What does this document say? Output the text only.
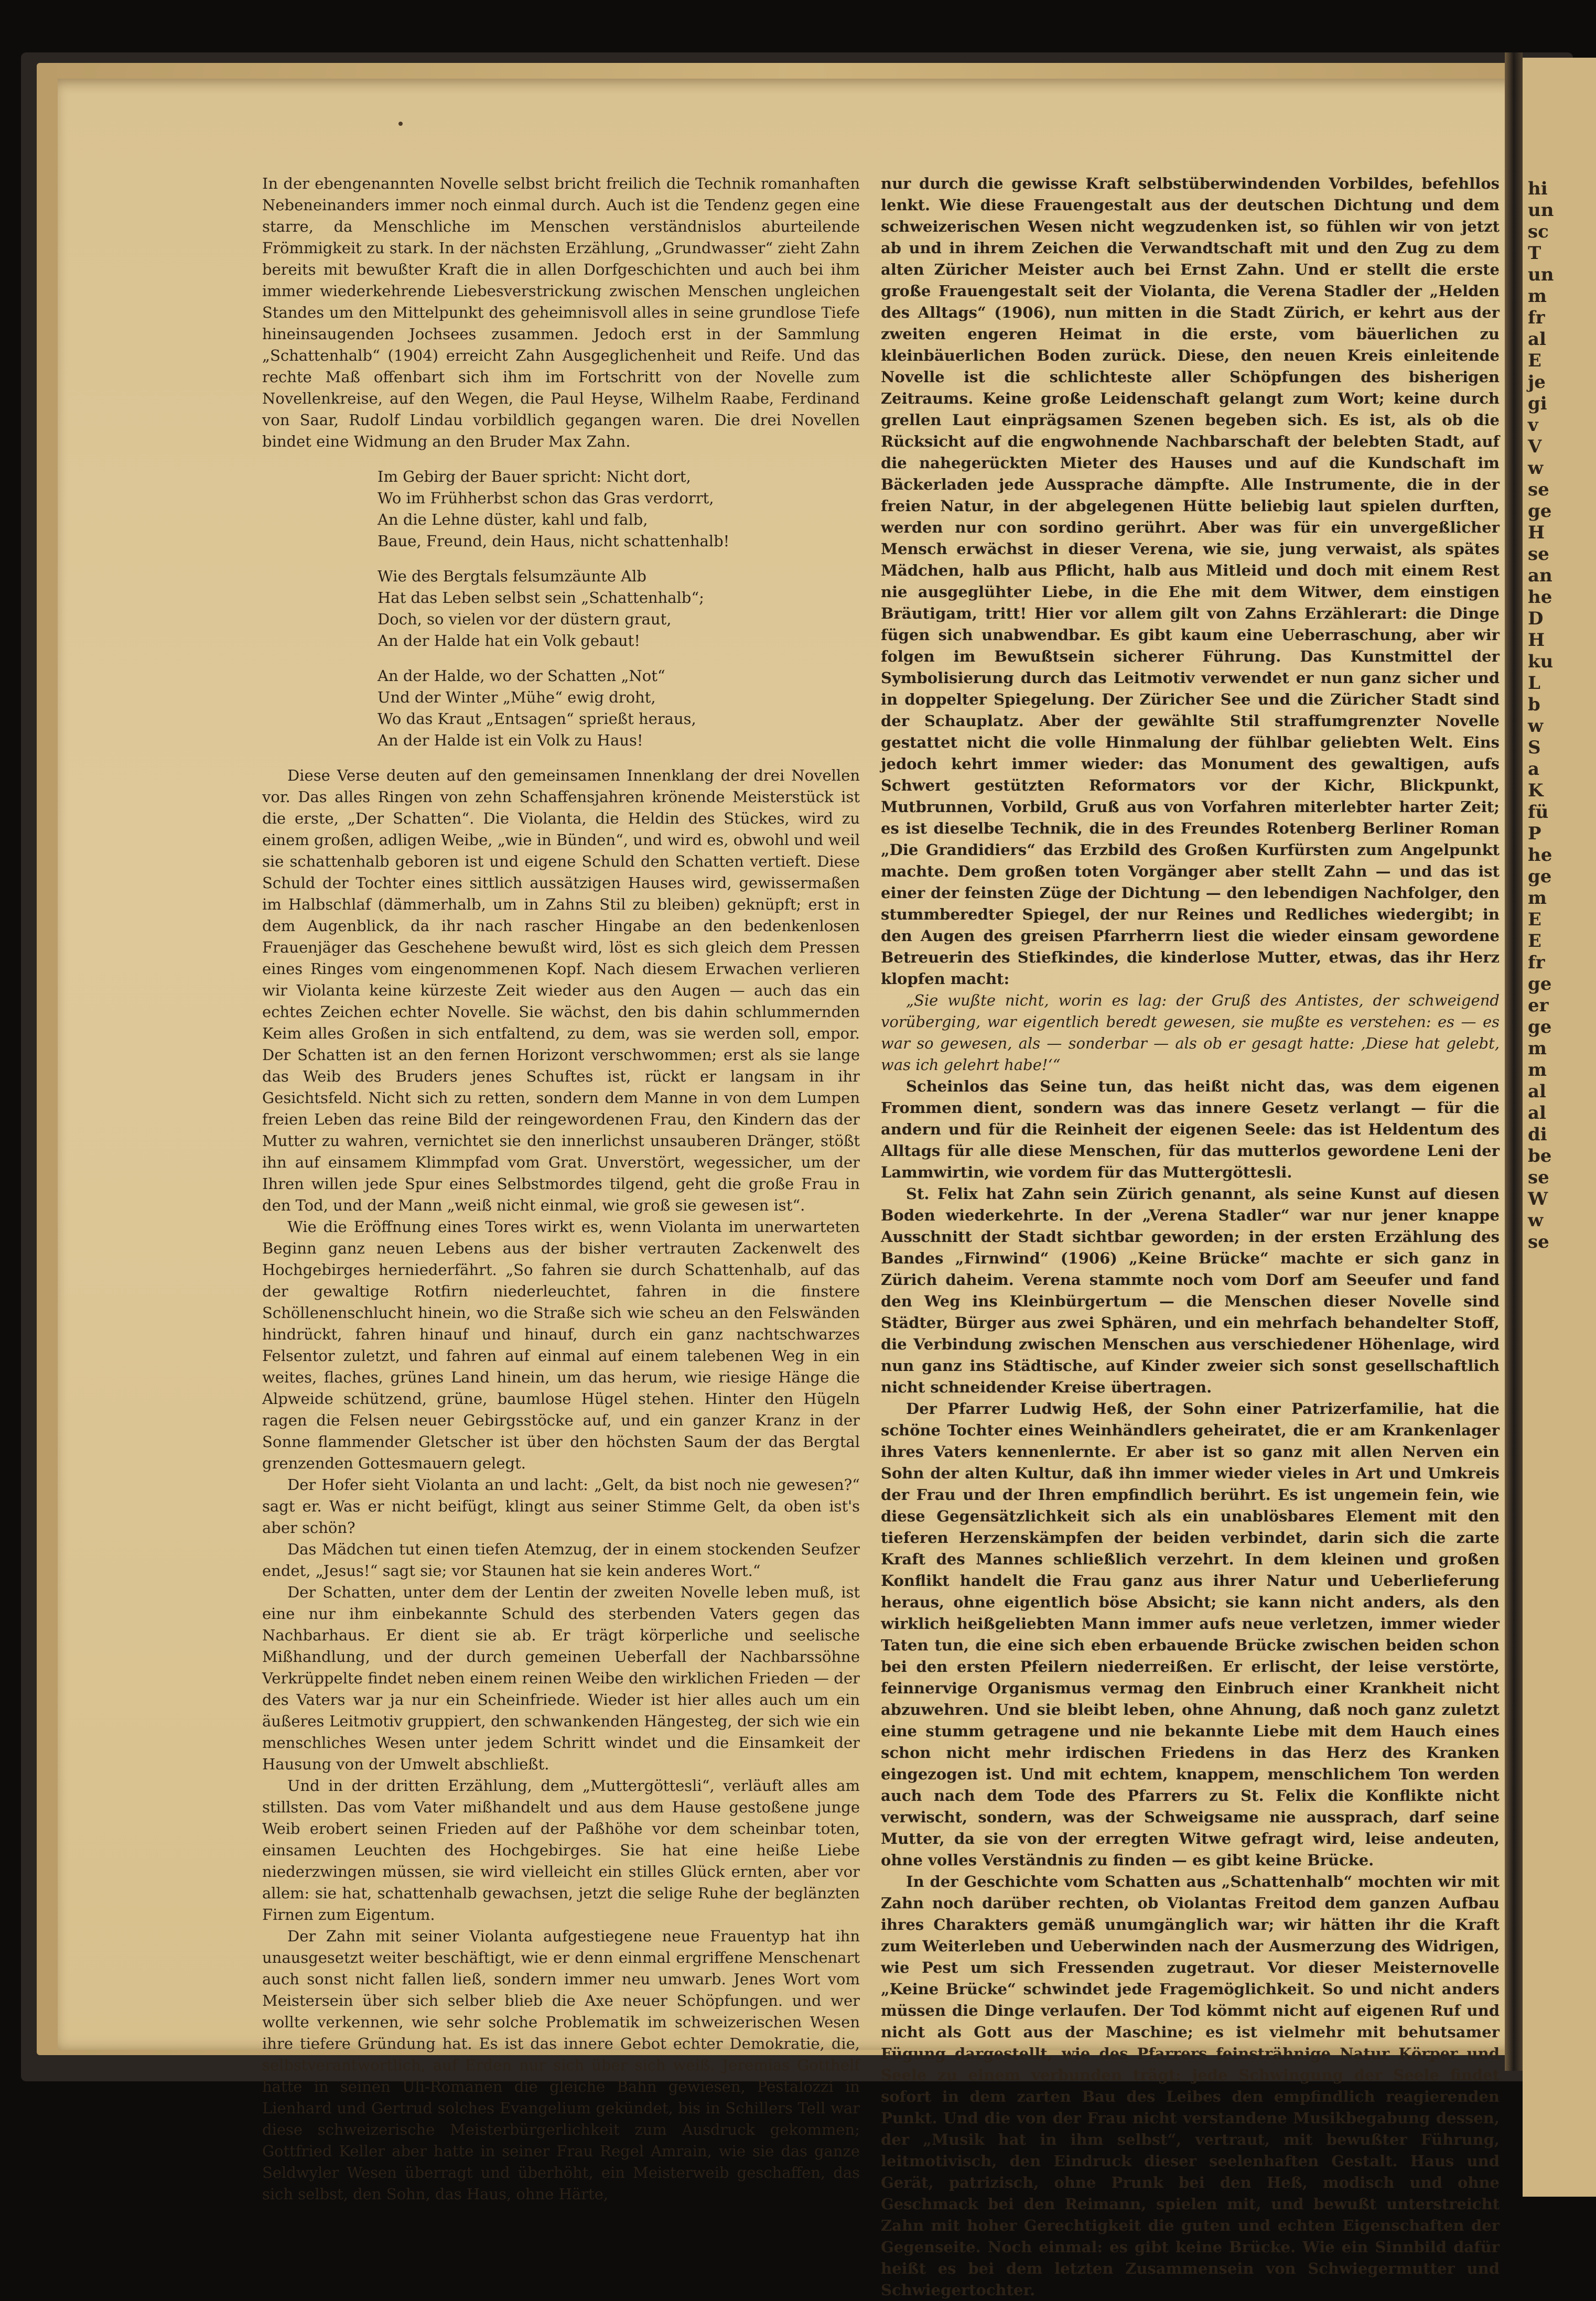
In der ebengenannten Novelle selbst bricht freilich die Technik romanhaften Nebeneinanders immer noch einmal durch. Auch ist die Tendenz gegen eine starre, da Menschliche im Menschen verständnislos aburteilende Frömmigkeit zu stark. In der nächsten Erzählung, „Grundwasser“ zieht Zahn bereits mit bewußter Kraft die in allen Dorfgeschichten und auch bei ihm immer wiederkehrende Liebesverstrickung zwischen Menschen ungleichen Standes um den Mittelpunkt des geheimnisvoll alles in seine grundlose Tiefe hineinsaugenden Jochsees zusammen. Jedoch erst in der Sammlung „Schattenhalb“ (1904) erreicht Zahn Ausgeglichenheit und Reife. Und das rechte Maß offenbart sich ihm im Fortschritt von der Novelle zum Novellenkreise, auf den Wegen, die Paul Heyse, Wilhelm Raabe, Ferdinand von Saar, Rudolf Lindau vorbildlich gegangen waren. Die drei Novellen bindet eine Widmung an den Bruder Max Zahn.

Im Gebirg der Bauer spricht: Nicht dort,
Wo im Frühherbst schon das Gras verdorrt,
An die Lehne düster, kahl und falb,
Baue, Freund, dein Haus, nicht schattenhalb!
Wie des Bergtals felsumzäunte Alb
Hat das Leben selbst sein „Schattenhalb“;
Doch, so vielen vor der düstern graut,
An der Halde hat ein Volk gebaut!
An der Halde, wo der Schatten „Not“
Und der Winter „Mühe“ ewig droht,
Wo das Kraut „Entsagen“ sprießt heraus,
An der Halde ist ein Volk zu Haus!

Diese Verse deuten auf den gemeinsamen Innenklang der drei Novellen vor. Das alles Ringen von zehn Schaffensjahren krönende Meisterstück ist die erste, „Der Schatten“. Die Violanta, die Heldin des Stückes, wird zu einem großen, adligen Weibe, „wie in Bünden“, und wird es, obwohl und weil sie schattenhalb geboren ist und eigene Schuld den Schatten vertieft. Diese Schuld der Tochter eines sittlich aussätzigen Hauses wird, gewissermaßen im Halbschlaf (dämmerhalb, um in Zahns Stil zu bleiben) geknüpft; erst in dem Augenblick, da ihr nach rascher Hingabe an den bedenkenlosen Frauenjäger das Geschehene bewußt wird, löst es sich gleich dem Pressen eines Ringes vom eingenommenen Kopf. Nach diesem Erwachen verlieren wir Violanta keine kürzeste Zeit wieder aus den Augen — auch das ein echtes Zeichen echter Novelle. Sie wächst, den bis dahin schlummernden Keim alles Großen in sich entfaltend, zu dem, was sie werden soll, empor. Der Schatten ist an den fernen Horizont verschwommen; erst als sie lange das Weib des Bruders jenes Schuftes ist, rückt er langsam in ihr Gesichtsfeld. Nicht sich zu retten, sondern dem Manne in von dem Lumpen freien Leben das reine Bild der reingewordenen Frau, den Kindern das der Mutter zu wahren, vernichtet sie den innerlichst unsauberen Dränger, stößt ihn auf einsamem Klimmpfad vom Grat. Unverstört, wegessicher, um der Ihren willen jede Spur eines Selbstmordes tilgend, geht die große Frau in den Tod, und der Mann „weiß nicht einmal, wie groß sie gewesen ist“.

Wie die Eröffnung eines Tores wirkt es, wenn Violanta im unerwarteten Beginn ganz neuen Lebens aus der bisher vertrauten Zackenwelt des Hochgebirges herniederfährt. „So fahren sie durch Schattenhalb, auf das der gewaltige Rotfirn niederleuchtet, fahren in die finstere Schöllenenschlucht hinein, wo die Straße sich wie scheu an den Felswänden hindrückt, fahren hinauf und hinauf, durch ein ganz nachtschwarzes Felsentor zuletzt, und fahren auf einmal auf einem talebenen Weg in ein weites, flaches, grünes Land hinein, um das herum, wie riesige Hänge die Alpweide schützend, grüne, baumlose Hügel stehen. Hinter den Hügeln ragen die Felsen neuer Gebirgsstöcke auf, und ein ganzer Kranz in der Sonne flammender Gletscher ist über den höchsten Saum der das Bergtal grenzenden Gottesmauern gelegt.

Der Hofer sieht Violanta an und lacht: „Gelt, da bist noch nie gewesen?“ sagt er. Was er nicht beifügt, klingt aus seiner Stimme Gelt, da oben ist's aber schön?

Das Mädchen tut einen tiefen Atemzug, der in einem stockenden Seufzer endet, „Jesus!“ sagt sie; vor Staunen hat sie kein anderes Wort.“

Der Schatten, unter dem der Lentin der zweiten Novelle leben muß, ist eine nur ihm einbekannte Schuld des sterbenden Vaters gegen das Nachbarhaus. Er dient sie ab. Er trägt körperliche und seelische Mißhandlung, und der durch gemeinen Ueberfall der Nachbarssöhne Verkrüppelte findet neben einem reinen Weibe den wirklichen Frieden — der des Vaters war ja nur ein Scheinfriede. Wieder ist hier alles auch um ein äußeres Leitmotiv gruppiert, den schwankenden Hängesteg, der sich wie ein menschliches Wesen unter jedem Schritt windet und die Einsamkeit der Hausung von der Umwelt abschließt.

Und in der dritten Erzählung, dem „Muttergöttesli“, verläuft alles am stillsten. Das vom Vater mißhandelt und aus dem Hause gestoßene junge Weib erobert seinen Frieden auf der Paßhöhe vor dem scheinbar toten, einsamen Leuchten des Hochgebirges. Sie hat eine heiße Liebe niederzwingen müssen, sie wird vielleicht ein stilles Glück ernten, aber vor allem: sie hat, schattenhalb gewachsen, jetzt die selige Ruhe der beglänzten Firnen zum Eigentum.

Der Zahn mit seiner Violanta aufgestiegene neue Frauentyp hat ihn unausgesetzt weiter beschäftigt, wie er denn einmal ergriffene Menschenart auch sonst nicht fallen ließ, sondern immer neu umwarb. Jenes Wort vom Meistersein über sich selber blieb die Axe neuer Schöpfungen. und wer wollte verkennen, wie sehr solche Problematik im schweizerischen Wesen ihre tiefere Gründung hat. Es ist das innere Gebot echter Demokratie, die, selbstverantwortlich, auf Erden nur sich über sich weiß. Jeremias Gotthelf hatte in seinen Uli-Romanen die gleiche Bahn gewiesen, Pestalozzi in Lienhard und Gertrud solches Evangelium gekündet, bis in Schillers Tell war diese schweizerische Meisterbürgerlichkeit zum Ausdruck gekommen; Gottfried Keller aber hatte in seiner Frau Regel Amrain, wie sie das ganze Seldwyler Wesen überragt und überhöht, ein Meisterweib geschaffen, das sich selbst, den Sohn, das Haus, ohne Härte,

nur durch die gewisse Kraft selbstüberwindenden Vorbildes, befehllos lenkt. Wie diese Frauengestalt aus der deutschen Dichtung und dem schweizerischen Wesen nicht wegzudenken ist, so fühlen wir von jetzt ab und in ihrem Zeichen die Verwandtschaft mit und den Zug zu dem alten Züricher Meister auch bei Ernst Zahn. Und er stellt die erste große Frauengestalt seit der Violanta, die Verena Stadler der „Helden des Alltags“ (1906), nun mitten in die Stadt Zürich, er kehrt aus der zweiten engeren Heimat in die erste, vom bäuerlichen zu kleinbäuerlichen Boden zurück. Diese, den neuen Kreis einleitende Novelle ist die schlichteste aller Schöpfungen des bisherigen Zeitraums. Keine große Leidenschaft gelangt zum Wort; keine durch grellen Laut einprägsamen Szenen begeben sich. Es ist, als ob die Rücksicht auf die engwohnende Nachbarschaft der belebten Stadt, auf die nahegerückten Mieter des Hauses und auf die Kundschaft im Bäckerladen jede Aussprache dämpfte. Alle Instrumente, die in der freien Natur, in der abgelegenen Hütte beliebig laut spielen durften, werden nur con sordino gerührt. Aber was für ein unvergeßlicher Mensch erwächst in dieser Verena, wie sie, jung verwaist, als spätes Mädchen, halb aus Pflicht, halb aus Mitleid und doch mit einem Rest nie ausgeglühter Liebe, in die Ehe mit dem Witwer, dem einstigen Bräutigam, tritt! Hier vor allem gilt von Zahns Erzählerart: die Dinge fügen sich unabwendbar. Es gibt kaum eine Ueberraschung, aber wir folgen im Bewußtsein sicherer Führung. Das Kunstmittel der Symbolisierung durch das Leitmotiv verwendet er nun ganz sicher und in doppelter Spiegelung. Der Züricher See und die Züricher Stadt sind der Schauplatz. Aber der gewählte Stil straffumgrenzter Novelle gestattet nicht die volle Hinmalung der fühlbar geliebten Welt. Eins jedoch kehrt immer wieder: das Monument des gewaltigen, aufs Schwert gestützten Reformators vor der Kichr, Blickpunkt, Mutbrunnen, Vorbild, Gruß aus von Vorfahren miterlebter harter Zeit; es ist dieselbe Technik, die in des Freundes Rotenberg Berliner Roman „Die Grandidiers“ das Erzbild des Großen Kurfürsten zum Angelpunkt machte. Dem großen toten Vorgänger aber stellt Zahn — und das ist einer der feinsten Züge der Dichtung — den lebendigen Nachfolger, den stummberedter Spiegel, der nur Reines und Redliches wiedergibt; in den Augen des greisen Pfarrherrn liest die wieder einsam gewordene Betreuerin des Stiefkindes, die kinderlose Mutter, etwas, das ihr Herz klopfen macht:

„Sie wußte nicht, worin es lag: der Gruß des Antistes, der schweigend vorüberging, war eigentlich beredt gewesen, sie mußte es verstehen: es — es war so gewesen, als — sonderbar — als ob er gesagt hatte: ‚Diese hat gelebt, was ich gelehrt habe!‘“

Scheinlos das Seine tun, das heißt nicht das, was dem eigenen Frommen dient, sondern was das innere Gesetz verlangt — für die andern und für die Reinheit der eigenen Seele: das ist Heldentum des Alltags für alle diese Menschen, für das mutterlos gewordene Leni der Lammwirtin, wie vordem für das Muttergöttesli.

St. Felix hat Zahn sein Zürich genannt, als seine Kunst auf diesen Boden wiederkehrte. In der „Verena Stadler“ war nur jener knappe Ausschnitt der Stadt sichtbar geworden; in der ersten Erzählung des Bandes „Firnwind“ (1906) „Keine Brücke“ machte er sich ganz in Zürich daheim. Verena stammte noch vom Dorf am Seeufer und fand den Weg ins Kleinbürgertum — die Menschen dieser Novelle sind Städter, Bürger aus zwei Sphären, und ein mehrfach behandelter Stoff, die Verbindung zwischen Menschen aus verschiedener Höhenlage, wird nun ganz ins Städtische, auf Kinder zweier sich sonst gesellschaftlich nicht schneidender Kreise übertragen.

Der Pfarrer Ludwig Heß, der Sohn einer Patrizerfamilie, hat die schöne Tochter eines Weinhändlers geheiratet, die er am Krankenlager ihres Vaters kennenlernte. Er aber ist so ganz mit allen Nerven ein Sohn der alten Kultur, daß ihn immer wieder vieles in Art und Umkreis der Frau und der Ihren empfindlich berührt. Es ist ungemein fein, wie diese Gegensätzlichkeit sich als ein unablösbares Element mit den tieferen Herzenskämpfen der beiden verbindet, darin sich die zarte Kraft des Mannes schließlich verzehrt. In dem kleinen und großen Konflikt handelt die Frau ganz aus ihrer Natur und Ueberlieferung heraus, ohne eigentlich böse Absicht; sie kann nicht anders, als den wirklich heißgeliebten Mann immer aufs neue verletzen, immer wieder Taten tun, die eine sich eben erbauende Brücke zwischen beiden schon bei den ersten Pfeilern niederreißen. Er erlischt, der leise verstörte, feinnervige Organismus vermag den Einbruch einer Krankheit nicht abzuwehren. Und sie bleibt leben, ohne Ahnung, daß noch ganz zuletzt eine stumm getragene und nie bekannte Liebe mit dem Hauch eines schon nicht mehr irdischen Friedens in das Herz des Kranken eingezogen ist. Und mit echtem, knappem, menschlichem Ton werden auch nach dem Tode des Pfarrers zu St. Felix die Konflikte nicht verwischt, sondern, was der Schweigsame nie aussprach, darf seine Mutter, da sie von der erregten Witwe gefragt wird, leise andeuten, ohne volles Verständnis zu finden — es gibt keine Brücke.

In der Geschichte vom Schatten aus „Schattenhalb“ mochten wir mit Zahn noch darüber rechten, ob Violantas Freitod dem ganzen Aufbau ihres Charakters gemäß unumgänglich war; wir hätten ihr die Kraft zum Weiterleben und Ueberwinden nach der Ausmerzung des Widrigen, wie Pest um sich Fressenden zugetraut. Vor dieser Meisternovelle „Keine Brücke“ schwindet jede Fragemöglichkeit. So und nicht anders müssen die Dinge verlaufen. Der Tod kömmt nicht auf eigenen Ruf und nicht als Gott aus der Maschine; es ist vielmehr mit behutsamer Fügung dargestellt, wie des Pfarrers feinsträhnige Natur Körper und Seele zu einem verbunden trägt: jede Schwingung der Seele findet sofort in dem zarten Bau des Leibes den empfindlich reagierenden Punkt. Und die von der Frau nicht verstandene Musikbegabung dessen, der „Musik hat in ihm selbst“, vertraut, mit bewußter Führung, leitmotivisch, den Eindruck dieser seelenhaften Gestalt. Haus und Gerät, patrizisch, ohne Prunk bei den Heß, modisch und ohne Geschmack bei den Reimann, spielen mit, und bewußt unterstreicht Zahn mit hoher Gerechtigkeit die guten und echten Eigenschaften der Gegenseite. Noch einmal: es gibt keine Brücke. Wie ein Sinnbild dafür heißt es bei dem letzten Zusammensein von Schwiegermutter und Schwiegertochter.

hi
un
sc
T
un
m
fr
al
E
je
gi
v
V
w
se
ge
H
se
an
he
D
H
ku
L
b
w
S
a
K
fü
P
he
ge
m
E
E
fr
ge
er
ge
m
m
al
al
di
be
se
W
w
se
